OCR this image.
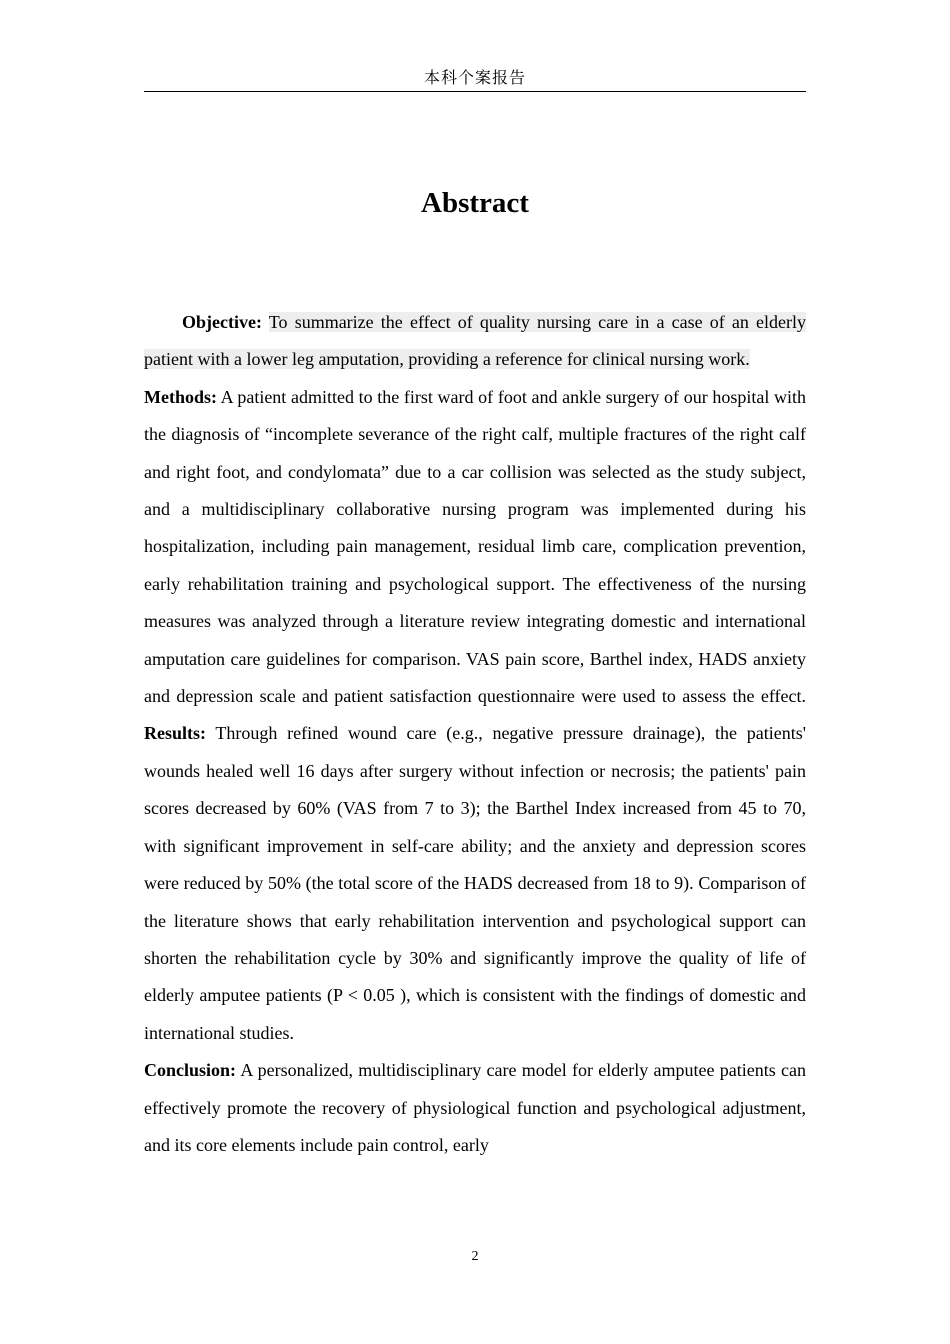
本科个案报告
Abstract

Objective: To summarize the effect of quality nursing care in a case of an elderly patient with a lower leg amputation, providing a reference for clinical nursing work.

Methods: A patient admitted to the first ward of foot and ankle surgery of our hospital with the diagnosis of “incomplete severance of the right calf, multiple fractures of the right calf and right foot, and condylomata” due to a car collision was selected as the study subject, and a multidisciplinary collaborative nursing program was implemented during his hospitalization, including pain management, residual limb care, complication prevention, early rehabilitation training and psychological support. The effectiveness of the nursing measures was analyzed through a literature review integrating domestic and international amputation care guidelines for comparison. VAS pain score, Barthel index, HADS anxiety and depression scale and patient satisfaction questionnaire were used to assess the effect. Results: Through refined wound care (e.g., negative pressure drainage), the patients' wounds healed well 16 days after surgery without infection or necrosis; the patients' pain scores decreased by 60% (VAS from 7 to 3); the Barthel Index increased from 45 to 70, with significant improvement in self-care ability; and the anxiety and depression scores were reduced by 50% (the total score of the HADS decreased from 18 to 9). Comparison of the literature shows that early rehabilitation intervention and psychological support can shorten the rehabilitation cycle by 30% and significantly improve the quality of life of elderly amputee patients (P < 0.05 ), which is consistent with the findings of domestic and international studies.

Conclusion: A personalized, multidisciplinary care model for elderly amputee patients can effectively promote the recovery of physiological function and psychological adjustment, and its core elements include pain control, early

2
